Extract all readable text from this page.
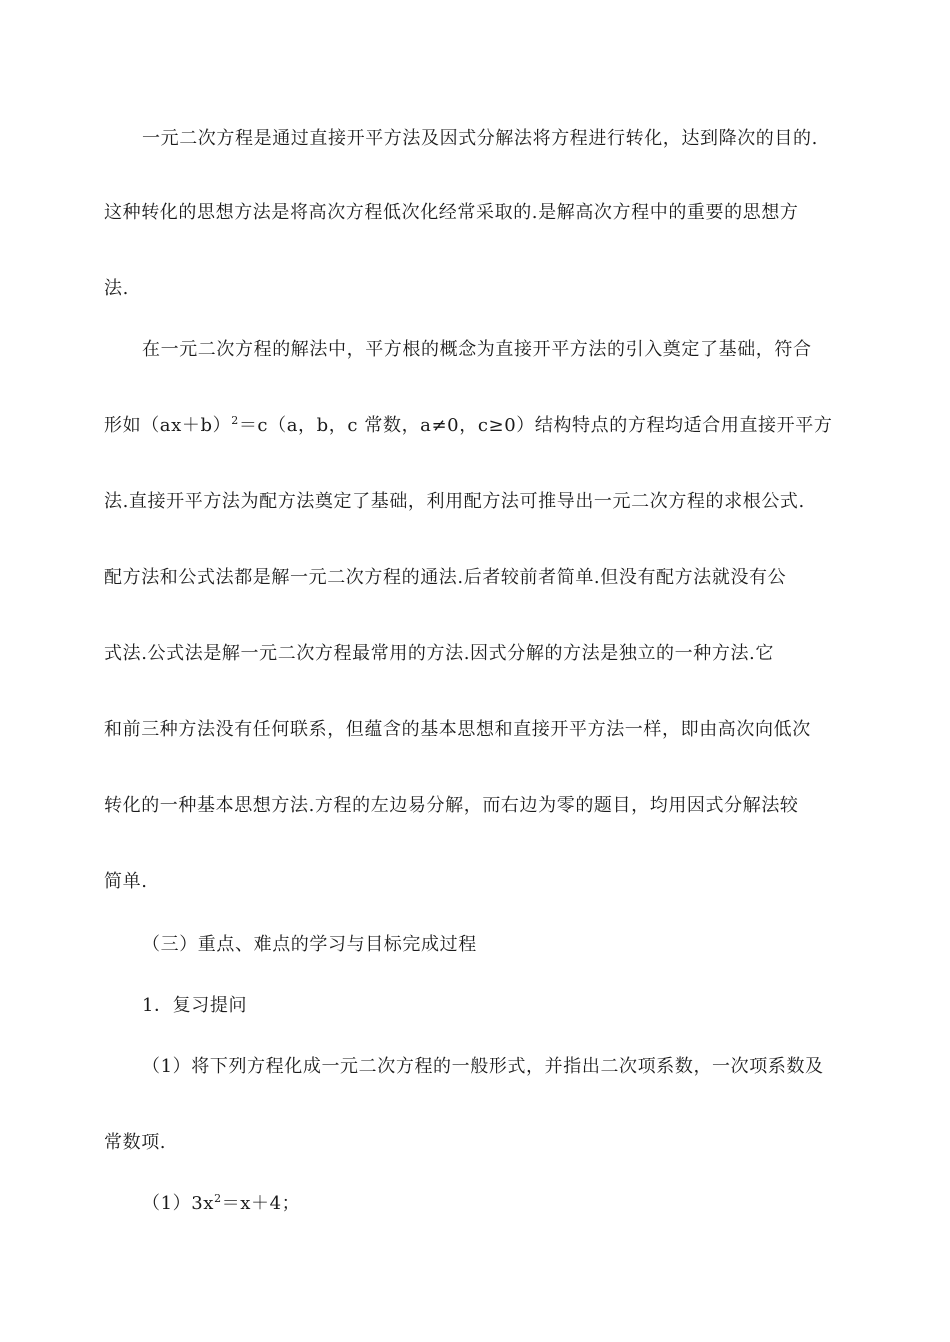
一元二次方程是通过直接开平方法及因式分解法将方程进行转化，达到降次的目的.
这种转化的思想方法是将高次方程低次化经常采取的.是解高次方程中的重要的思想方
法.
在一元二次方程的解法中，平方根的概念为直接开平方法的引入奠定了基础，符合
形如$(ax+b)^2=c(a$，b，c 常数，a≠0，c≥0）结构特点的方程均适合用直接开平方
法.直接开平方法为配方法奠定了基础，利用配方法可推导出一元二次方程的求根公式.
配方法和公式法都是解一元二次方程的通法.后者较前者简单.但没有配方法就没有公
式法.公式法是解一元二次方程最常用的方法.因式分解的方法是独立的一种方法.它
和前三种方法没有任何联系，但蕴含的基本思想和直接开平方法一样，即由高次向低次
转化的一种基本思想方法.方程的左边易分解，而右边为零的题目，均用因式分解法较
简单.
（三）重点、难点的学习与目标完成过程
1．复习提问
（1）将下列方程化成一元二次方程的一般形式，并指出二次项系数，一次项系数及
常数项.
$(1)3x^2=x+4$；
